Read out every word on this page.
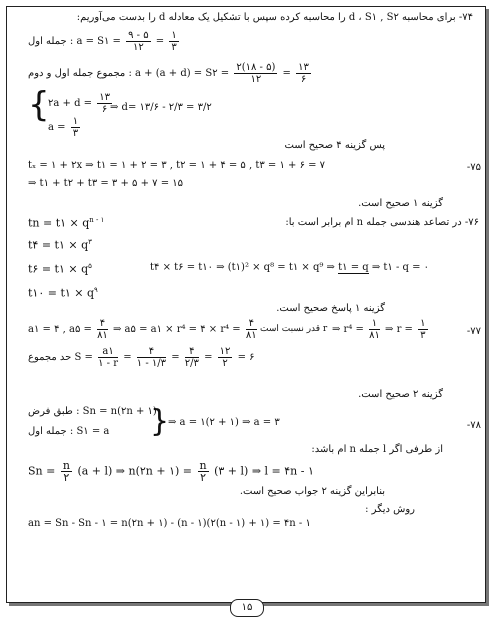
۷۴- برای محاسبه d ، S۱ , S۲ را محاسبه کرده سپس با تشکیل یک معادله d را بدست می‌آوریم:
جمله اول : a = S۱ = $\frac{۹ - ۵}{۱۲} = \frac{۱}{۳}$
مجموع جمله اول و دوم : a + (a + d) = S۲ = $\frac{۲(۱۸ - ۵)}{۱۲} = \frac{۱۳}{۶}$
{
۲a + $d = \frac{۱۳}{۶}$
$a = \frac{۱}{۳}$
⇒ d= ۱۳/۶ - ۲/۳ = ۳/۲
پس گزینه ۴ صحیح است
-۷۵
tₓ = ۱ + ۲x ⇒ t۱ = ۱ + ۲ = ۳ , t۲ = ۱ + ۴ = ۵ , t۳ = ۱ + ۶ = ۷
⇒ t۱ + t۲ + t۳ = ۳ + ۵ + ۷ = ۱۵
گزینه ۱ صحیح است.
۷۶- در تصاعد هندسی جمله n ام برابر است با:
tn = t۱ × $q^{n - ۱}$
t۴ = t۱ × $q^۳$
t۶ = t۱ × $q^۵$
t۱۰ = t۱ × $q^۹$
t۴ × t۶ = t۱۰ ⇒ (t۱)² × q⁸ = t۱ × q⁹ ⇒ t۱ = q ⇒ t۱ - q = ۰
گزینه ۱ پاسخ صحیح است.
-۷۷
a۱ = ۴ , a۵ = $\frac{۴}{۸۱}$ ⇒ a۵ = a۱ × r⁴ = ۴ × $r^4 = \frac{۴}{۸۱}$ قدر نسبت است r ⇒ $r^4 = \frac{۱}{۸۱}$ ⇒ $r = \frac{۱}{۳}$
حد مجموع $S = \frac{a۱}{۱ - r} = \frac{۴}{۱ - ۱/۳} = \frac{۴}{۲/۳} = \frac{۱۲}{۲}$ = ۶
گزینه ۲ صحیح است.
-۷۸
}
طبق فرض : Sn = n(۲n + ۱)
جمله اول : S۱ = a
⇒ a = ۱(۲ + ۱) ⇒ a = ۳
از طرفی اگر l جمله n ام باشد:
$Sn = \frac{n}{۲} (a + l)$ ⇒ n(۲n + ۱) = $\frac{n}{۲}$ (۳ + l) ⇒ l = ۴n - ۱
بنابراین گزینه ۲ جواب صحیح است.
روش دیگر :
an = Sn - Sn - ۱ = n(۲n + ۱) - (n - ۱)(۲(n - ۱) + ۱) = ۴n - ۱
۱۵
